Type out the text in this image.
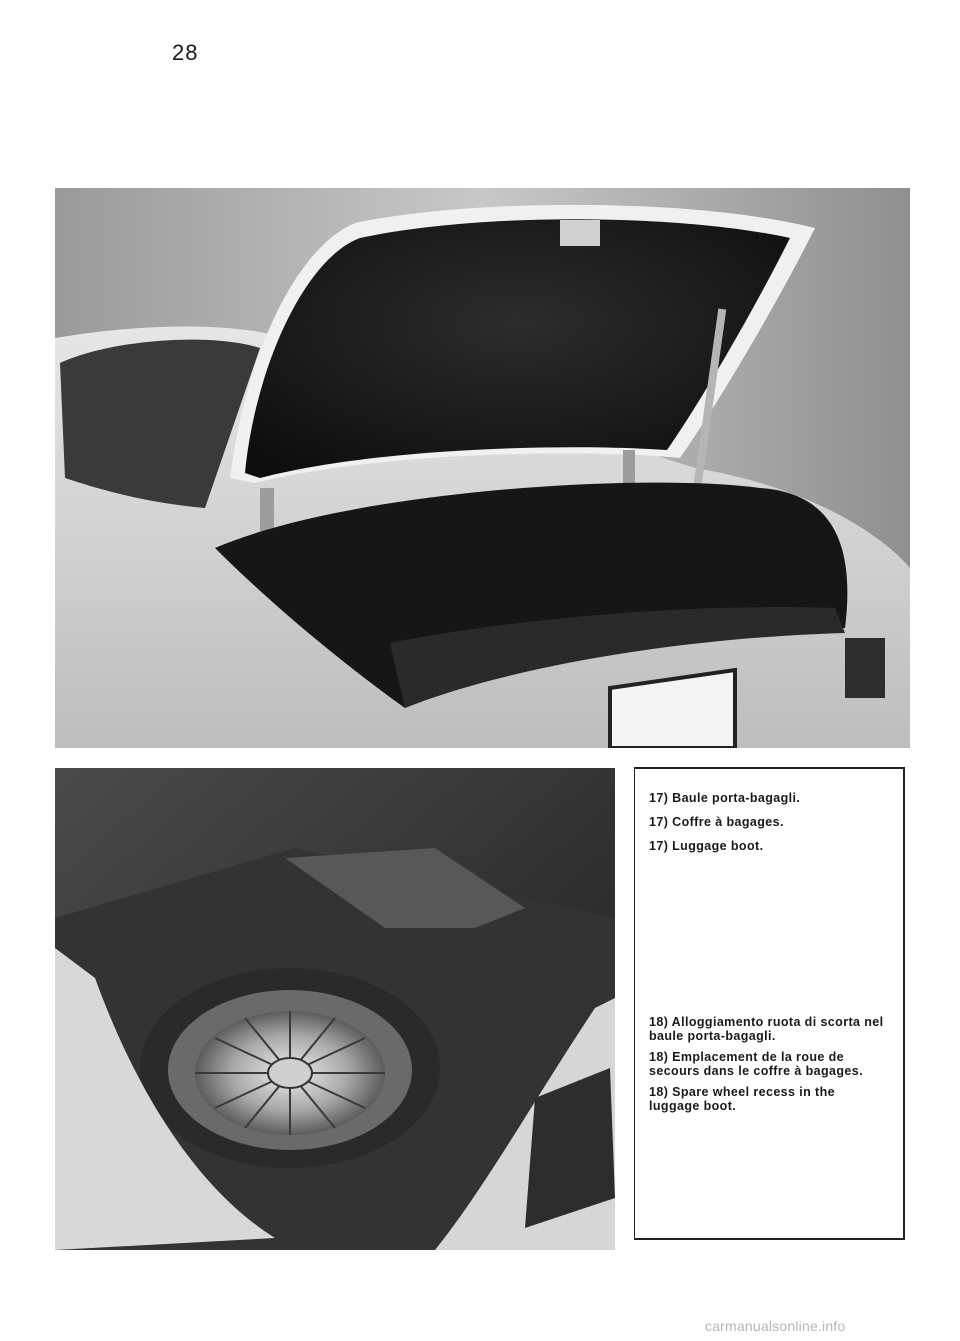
28

17) Baule porta-bagagli.

17) Coffre à bagages.

17) Luggage boot.

18) Alloggiamento ruota di scorta nel baule porta-bagagli.

18) Emplacement de la roue de secours dans le coffre à bagages.

18) Spare wheel recess in the luggage boot.

carmanualsonline.info
